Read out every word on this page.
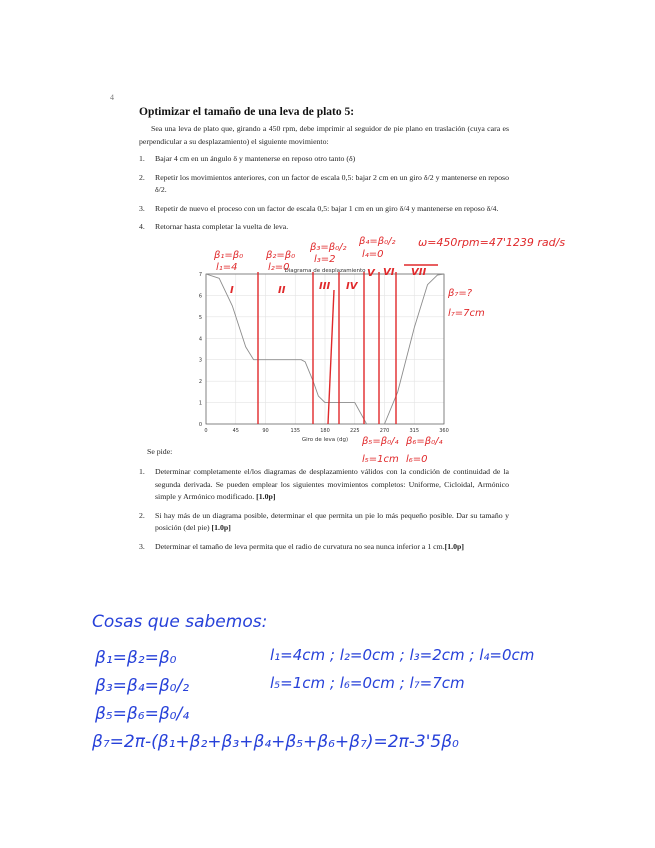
4
Optimizar el tamaño de una leva de plato 5:
Sea una leva de plato que, girando a 450 rpm, debe imprimir al seguidor de pie plano en traslación (cuya cara es perpendicular a su desplazamiento) el siguiente movimiento:
1. Bajar 4 cm en un ángulo δ y mantenerse en reposo otro tanto (δ)
2. Repetir los movimientos anteriores, con un factor de escala 0,5: bajar 2 cm en un giro δ/2 y mantenerse en reposo δ/2.
3. Repetir de nuevo el proceso con un factor de escala 0,5: bajar 1 cm en un giro δ/4 y mantenerse en reposo δ/4.
4. Retornar hasta completar la vuelta de leva.
Diagrama de desplazamiento
Giro de leva (dg)
0	45	90	135	180	225	270	315	360
0
1
2
3
4
5
6
7
β₁=β₀
l₁=4
β₂=β₀
l₂=0
β₃=β₀/₂
l₃=2
β₄=β₀/₂
l₄=0
β₇=?
l₇=7cm
β₅=β₀/₄
l₅=1cm
β₆=β₀/₄
l₆=0
ω=450rpm=47'1239 rad/s
I	II	III IV
V VI VII
Se pide:
1. Determinar completamente el/los diagramas de desplazamiento válidos con la condición de continuidad de la segunda derivada. Se pueden emplear los siguientes movimientos completos: Uniforme, Cicloidal, Armónico simple y Armónico modificado. [1.0p]
2. Si hay más de un diagrama posible, determinar el que permita un pie lo más pequeño posible. Dar su tamaño y posición (del pie) [1.0p]
3. Determinar el tamaño de leva permita que el radio de curvatura no sea nunca inferior a 1 cm.[1.0p]
Cosas que sabemos:
β₁=β₂=β₀
β₃=β₄=β₀/₂
β₅=β₆=β₀/₄
β₇=2π-(β₁+β₂+β₃+β₄+β₅+β₆+β₇)=2π-3'5β₀
l₁=4cm ; l₂=0cm ; l₃=2cm ; l₄=0cm
l₅=1cm ; l₆=0cm ; l₇=7cm
